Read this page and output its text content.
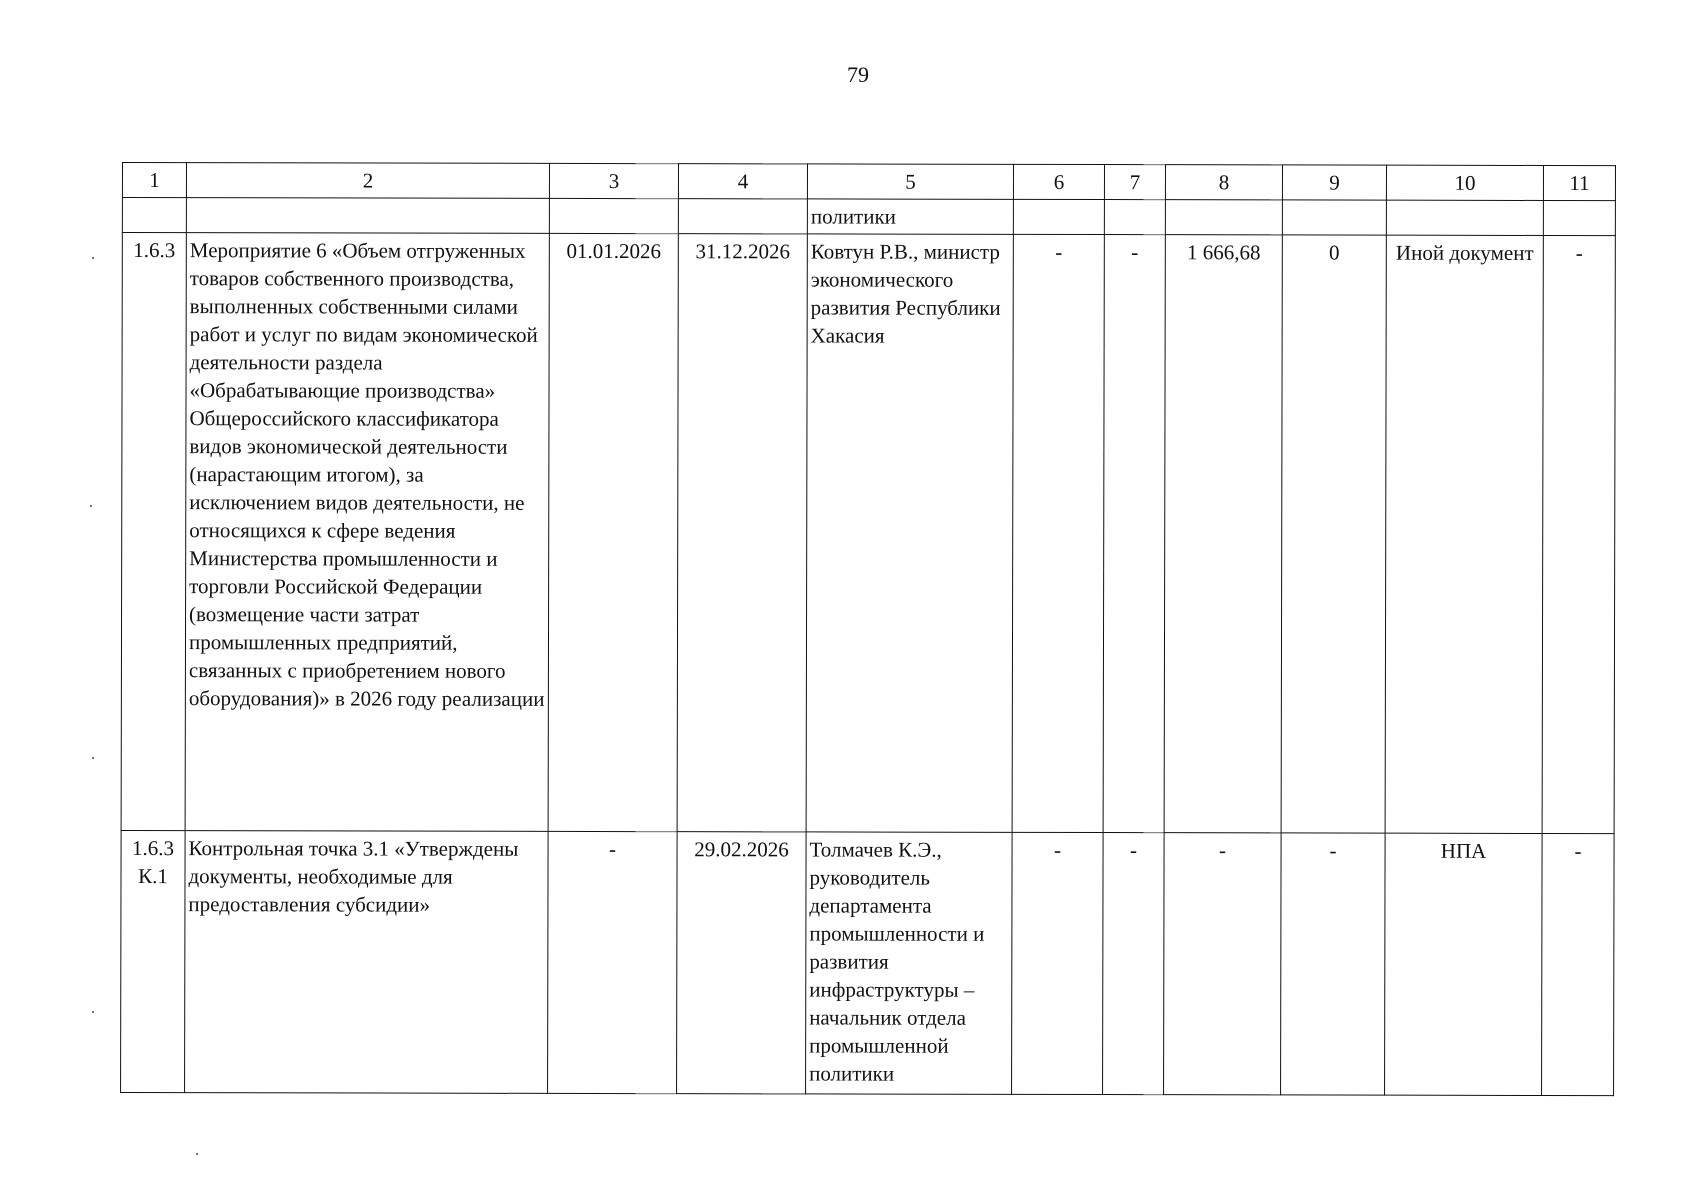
79
1	2	3	4	5	6	7	8	9	10	11
				политики						
1.6.3	Мероприятие 6 «Объем отгруженных товаров собственного производства, выполненных собственными силами работ и услуг по видам экономической деятельности раздела «Обрабатывающие производства» Общероссийского классификатора видов экономической деятельности (нарастающим итогом), за исключением видов деятельности, не относящихся к сфере ведения Министерства промышленности и торговли Российской Федерации (возмещение части затрат промышленных предприятий, связанных с приобретением нового оборудования)» в 2026 году реализации	01.01.2026	31.12.2026	Ковтун Р.В., министр экономического развития Республики Хакасия	-	-	1 666,68	0	Иной документ	-
1.6.3 К.1	Контрольная точка 3.1 «Утверждены документы, необходимые для предоставления субсидии»	-	29.02.2026	Толмачев К.Э., руководитель департамента промышленности и развития инфраструктуры – начальник отдела промышленной политики	-	-	-	-	НПА	-
